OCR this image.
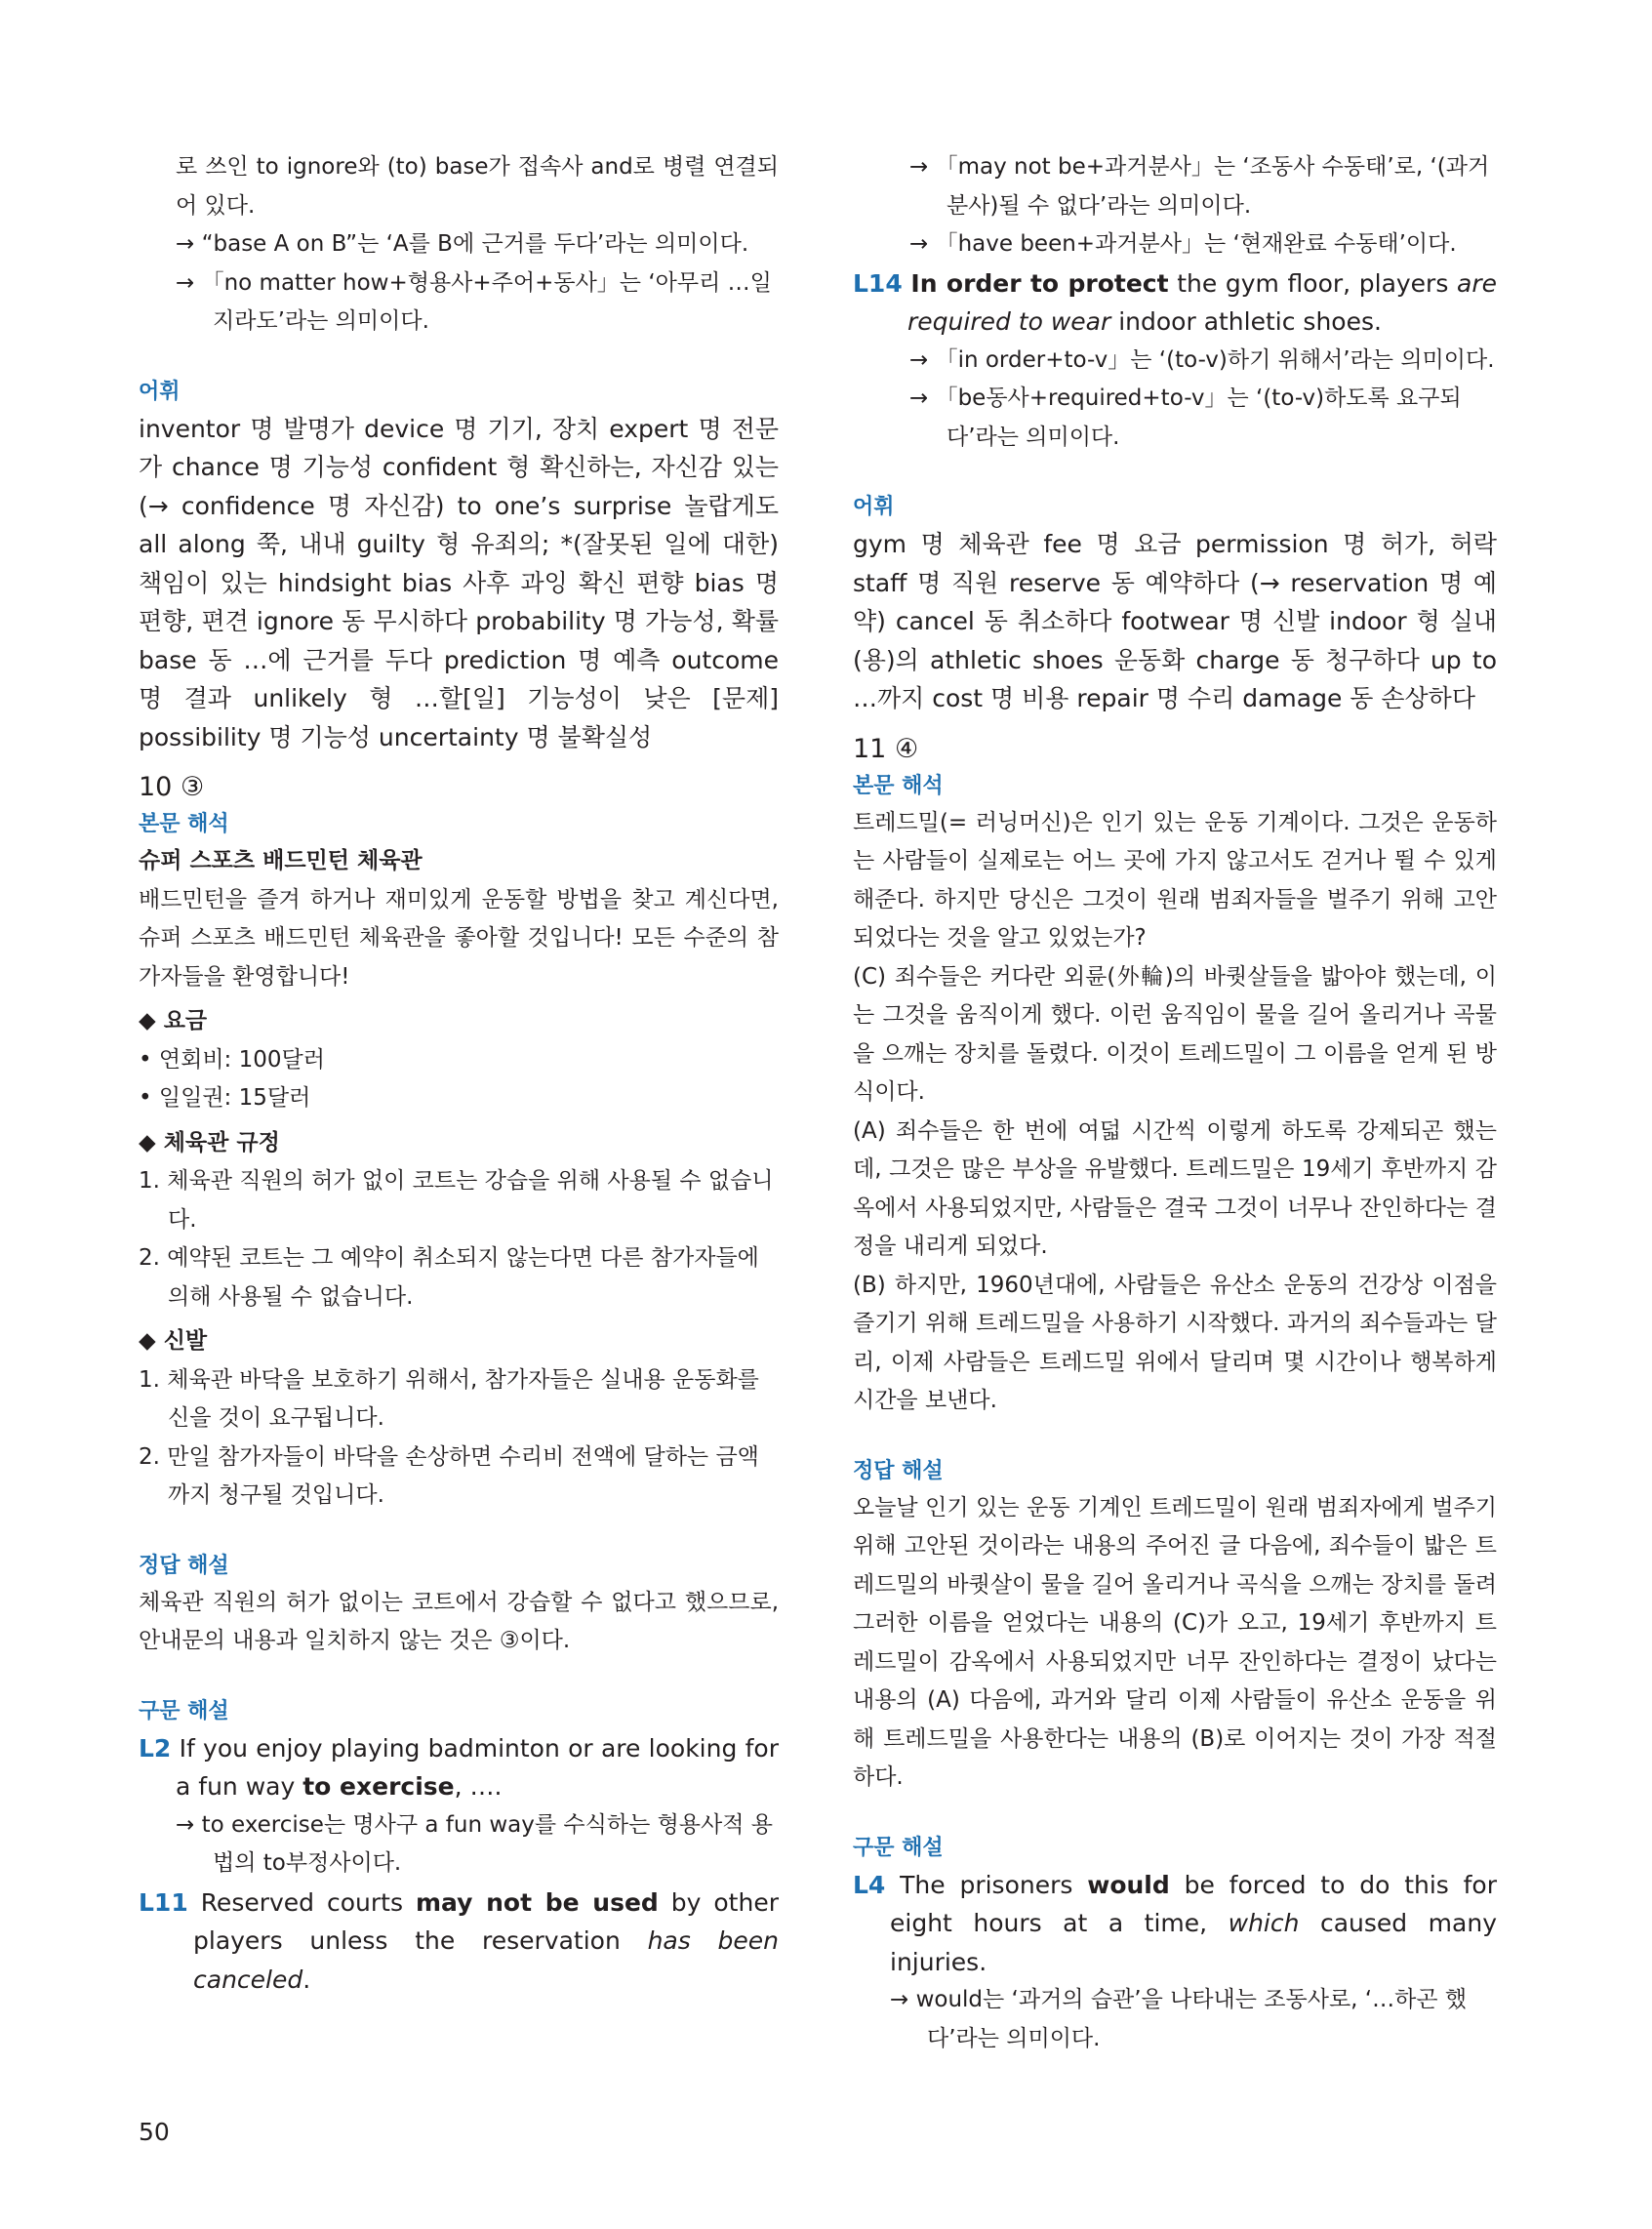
로 쓰인 to ignore와 (to) base가 접속사 and로 병렬 연결되어 있다.
→ “base A on B”는 ‘A를 B에 근거를 두다’라는 의미이다.
→ 「no matter how+형용사+주어+동사」는 ‘아무리 …일지라도’라는 의미이다.
어휘
inventor 명 발명가 device 명 기기, 장치 expert 명 전문가 chance 명 기능성 confident 형 확신하는, 자신감 있는 (→ confidence 명 자신감) to one’s surprise 놀랍게도 all along 쭉, 내내 guilty 형 유죄의; *(잘못된 일에 대한) 책임이 있는 hindsight bias 사후 과잉 확신 편향 bias 명 편향, 편견 ignore 동 무시하다 probability 명 가능성, 확률 base 동 …에 근거를 두다 prediction 명 예측 outcome 명 결과 unlikely 형 …할[일] 기능성이 낮은 [문제] possibility 명 기능성 uncertainty 명 불확실성
10 ③
본문 해석
슈퍼 스포츠 배드민턴 체육관
배드민턴을 즐겨 하거나 재미있게 운동할 방법을 찾고 계신다면, 슈퍼 스포츠 배드민턴 체육관을 좋아할 것입니다! 모든 수준의 참가자들을 환영합니다!
◆ 요금
• 연회비: 100달러
• 일일권: 15달러
◆ 체육관 규정
1. 체육관 직원의 허가 없이 코트는 강습을 위해 사용될 수 없습니다.
2. 예약된 코트는 그 예약이 취소되지 않는다면 다른 참가자들에 의해 사용될 수 없습니다.
◆ 신발
1. 체육관 바닥을 보호하기 위해서, 참가자들은 실내용 운동화를 신을 것이 요구됩니다.
2. 만일 참가자들이 바닥을 손상하면 수리비 전액에 달하는 금액까지 청구될 것입니다.
정답 해설
체육관 직원의 허가 없이는 코트에서 강습할 수 없다고 했으므로, 안내문의 내용과 일치하지 않는 것은 ③이다.
구문 해설
L2 If you enjoy playing badminton or are looking for a fun way to exercise, ….
→ to exercise는 명사구 a fun way를 수식하는 형용사적 용법의 to부정사이다.
L11 Reserved courts may not be used by other players unless the reservation has been canceled.
→ 「may not be+과거분사」는 ‘조동사 수동태’로, ‘(과거분사)될 수 없다’라는 의미이다.
→ 「have been+과거분사」는 ‘현재완료 수동태’이다.
L14 In order to protect the gym floor, players are required to wear indoor athletic shoes.
→ 「in order+to-v」는 ‘(to-v)하기 위해서’라는 의미이다.
→ 「be동사+required+to-v」는 ‘(to-v)하도록 요구되다’라는 의미이다.
어휘
gym 명 체육관 fee 명 요금 permission 명 허가, 허락 staff 명 직원 reserve 동 예약하다 (→ reservation 명 예약) cancel 동 취소하다 footwear 명 신발 indoor 형 실내(용)의 athletic shoes 운동화 charge 동 청구하다 up to …까지 cost 명 비용 repair 명 수리 damage 동 손상하다
11 ④
본문 해석
트레드밀(= 러닝머신)은 인기 있는 운동 기계이다. 그것은 운동하는 사람들이 실제로는 어느 곳에 가지 않고서도 걷거나 뛸 수 있게 해준다. 하지만 당신은 그것이 원래 범죄자들을 벌주기 위해 고안되었다는 것을 알고 있었는가?
(C) 죄수들은 커다란 외륜(外輪)의 바퀏살들을 밟아야 했는데, 이는 그것을 움직이게 했다. 이런 움직임이 물을 길어 올리거나 곡물을 으깨는 장치를 돌렸다. 이것이 트레드밀이 그 이름을 얻게 된 방식이다.
(A) 죄수들은 한 번에 여덟 시간씩 이렇게 하도록 강제되곤 했는데, 그것은 많은 부상을 유발했다. 트레드밀은 19세기 후반까지 감옥에서 사용되었지만, 사람들은 결국 그것이 너무나 잔인하다는 결정을 내리게 되었다.
(B) 하지만, 1960년대에, 사람들은 유산소 운동의 건강상 이점을 즐기기 위해 트레드밀을 사용하기 시작했다. 과거의 죄수들과는 달리, 이제 사람들은 트레드밀 위에서 달리며 몇 시간이나 행복하게 시간을 보낸다.
정답 해설
오늘날 인기 있는 운동 기계인 트레드밀이 원래 범죄자에게 벌주기 위해 고안된 것이라는 내용의 주어진 글 다음에, 죄수들이 밟은 트레드밀의 바퀏살이 물을 길어 올리거나 곡식을 으깨는 장치를 돌려 그러한 이름을 얻었다는 내용의 (C)가 오고, 19세기 후반까지 트레드밀이 감옥에서 사용되었지만 너무 잔인하다는 결정이 났다는 내용의 (A) 다음에, 과거와 달리 이제 사람들이 유산소 운동을 위해 트레드밀을 사용한다는 내용의 (B)로 이어지는 것이 가장 적절하다.
구문 해설
L4 The prisoners would be forced to do this for eight hours at a time, which caused many injuries.
→ would는 ‘과거의 습관’을 나타내는 조동사로, ‘…하곤 했다’라는 의미이다.
50
